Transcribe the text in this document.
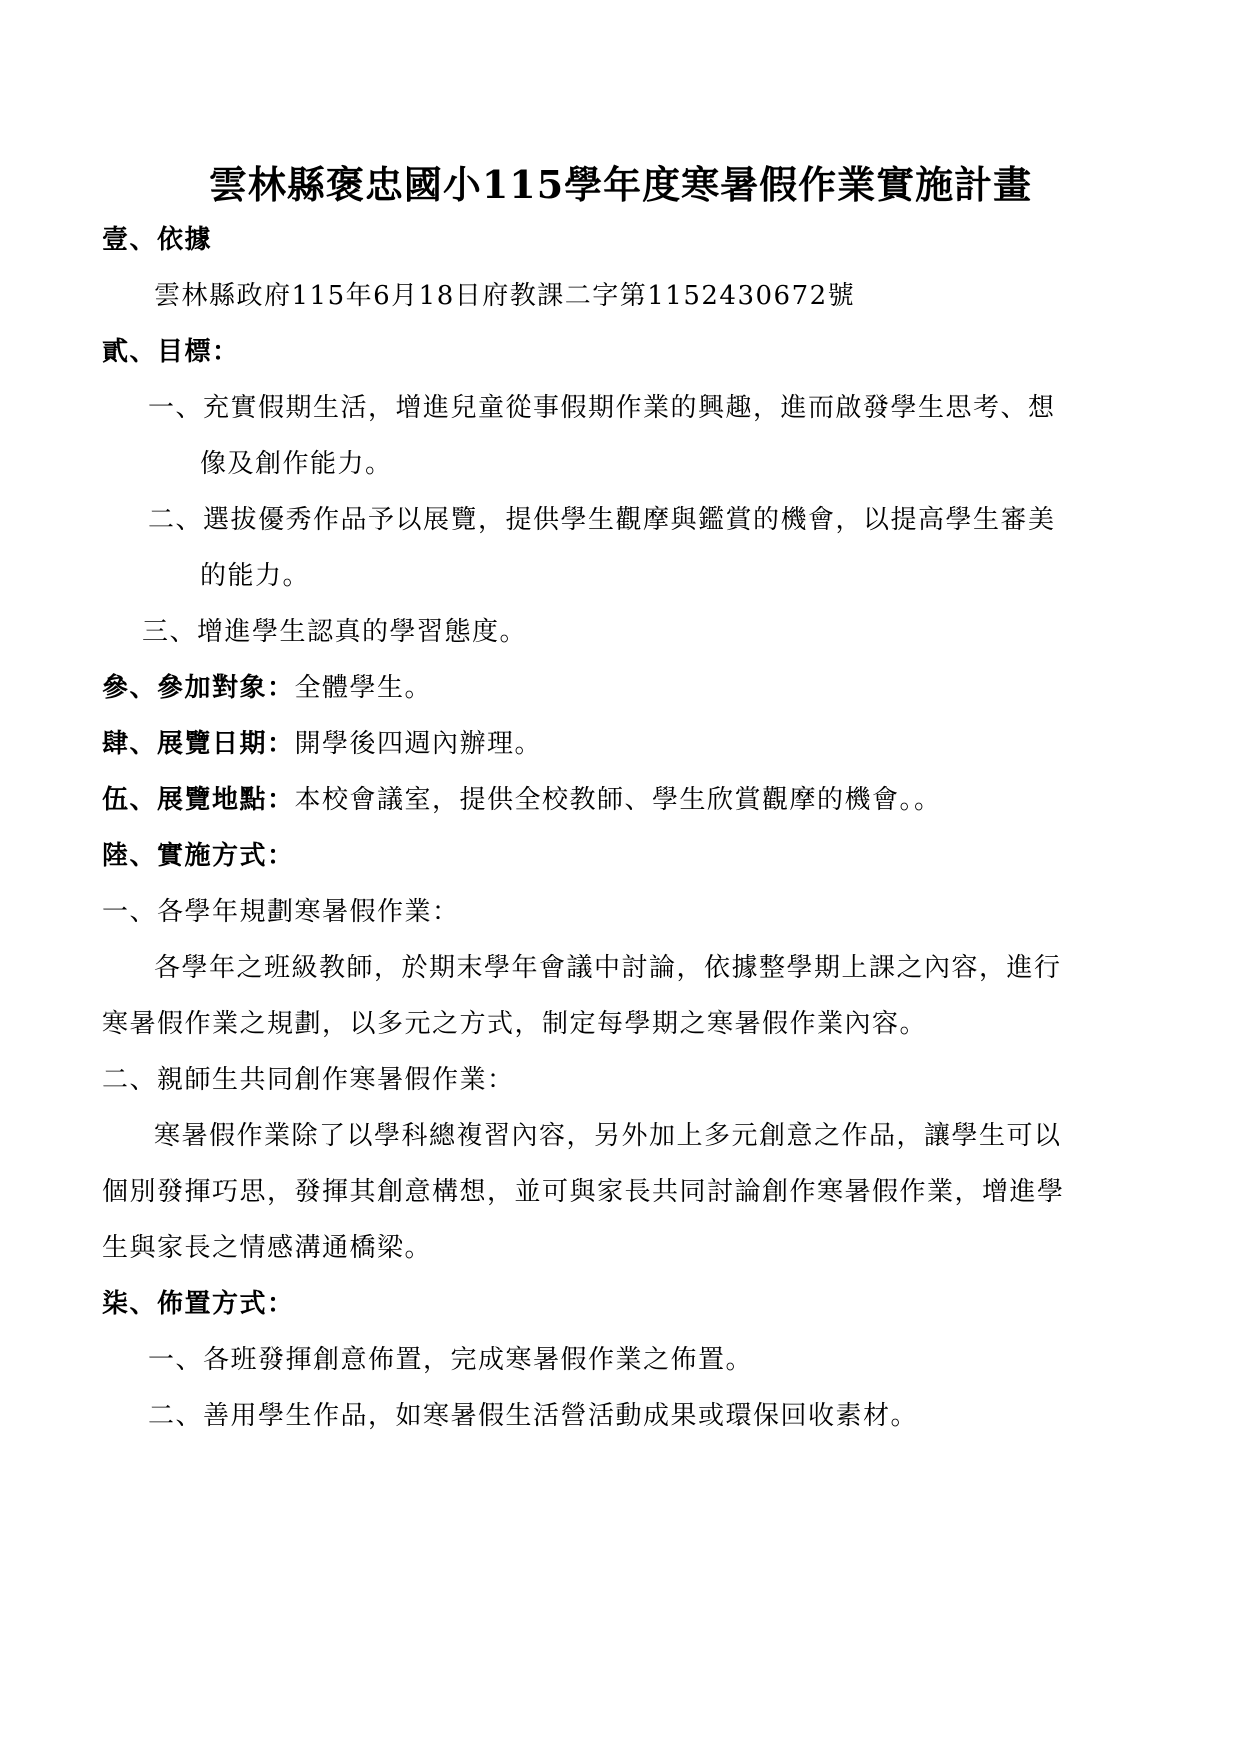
雲林縣褒忠國小115學年度寒暑假作業實施計畫
壹、依據
雲林縣政府115年6月18日府教課二字第1152430672號
貳、目標：
一、充實假期生活，增進兒童從事假期作業的興趣，進而啟發學生思考、想
像及創作能力。
二、選拔優秀作品予以展覽，提供學生觀摩與鑑賞的機會，以提高學生審美
的能力。
三、增進學生認真的學習態度。
參、參加對象：全體學生。
肆、展覽日期：開學後四週內辦理。
伍、展覽地點：本校會議室，提供全校教師、學生欣賞觀摩的機會。。
陸、實施方式：
一、各學年規劃寒暑假作業：
各學年之班級教師，於期末學年會議中討論，依據整學期上課之內容，進行
寒暑假作業之規劃，以多元之方式，制定每學期之寒暑假作業內容。
二、親師生共同創作寒暑假作業：
寒暑假作業除了以學科總複習內容，另外加上多元創意之作品，讓學生可以
個別發揮巧思，發揮其創意構想，並可與家長共同討論創作寒暑假作業，增進學
生與家長之情感溝通橋梁。
柒、佈置方式：
一、各班發揮創意佈置，完成寒暑假作業之佈置。
二、善用學生作品，如寒暑假生活營活動成果或環保回收素材。
